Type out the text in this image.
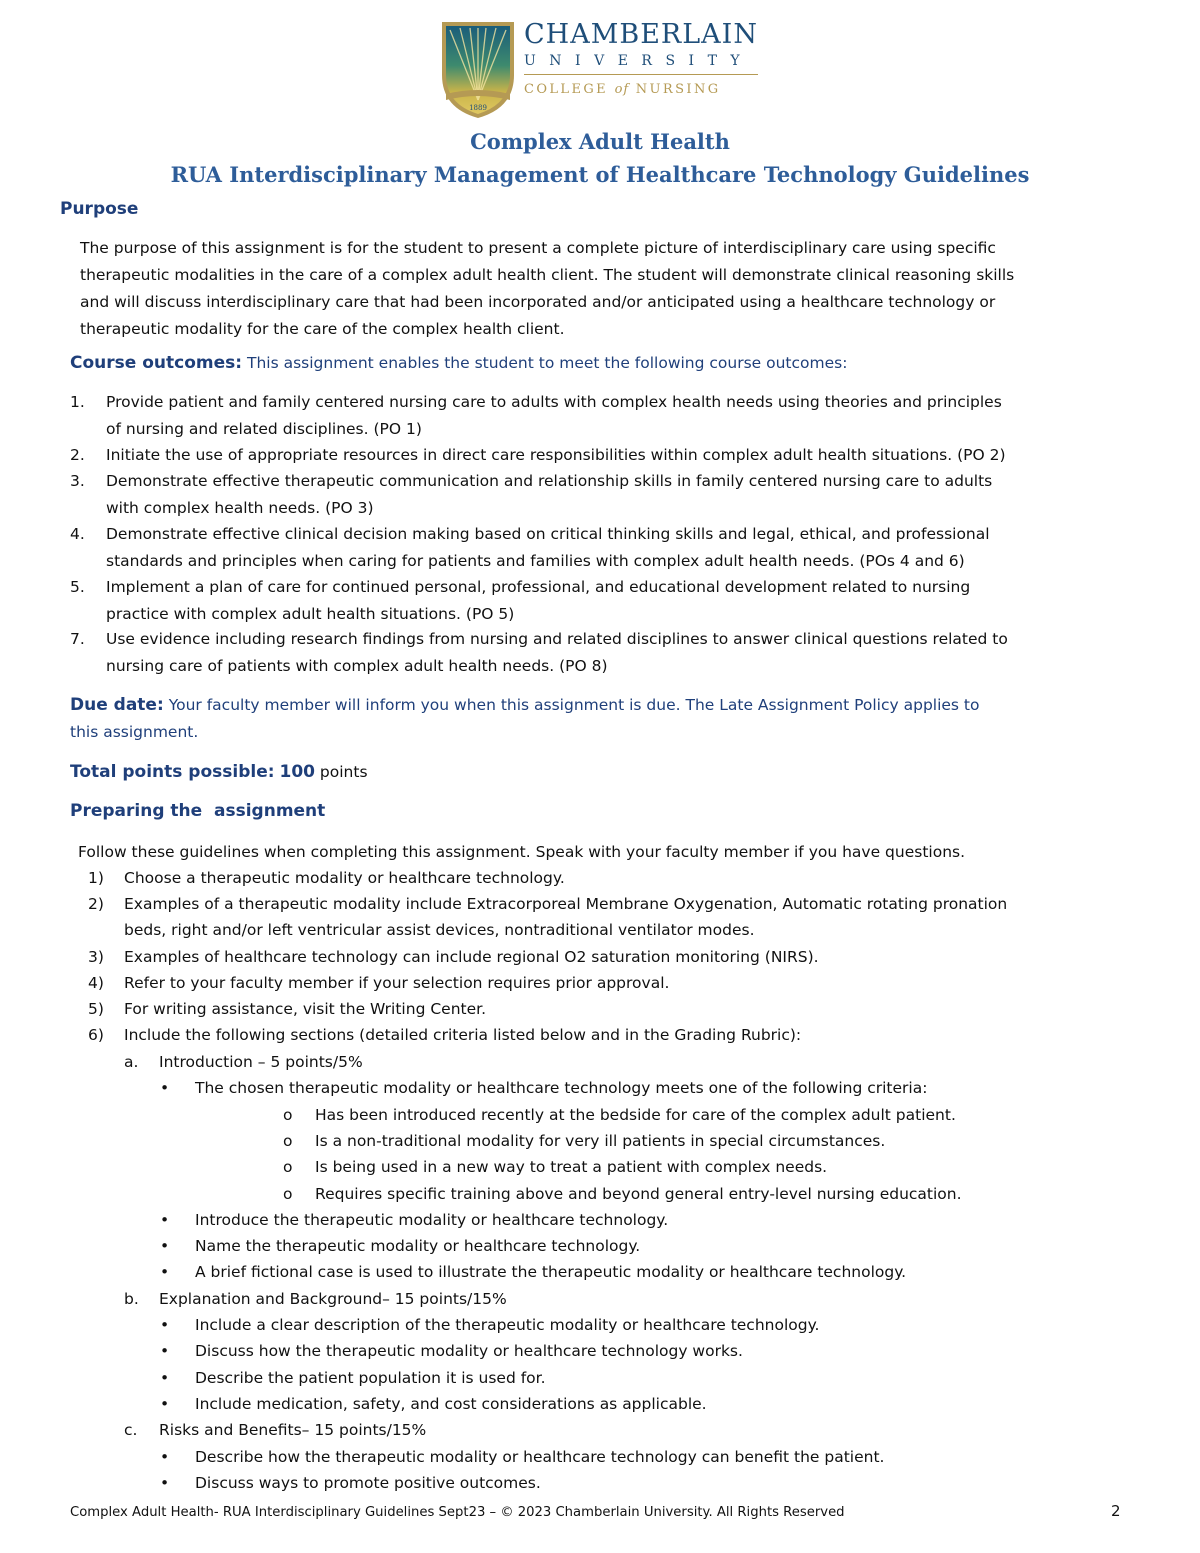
1889
CHAMBERLAIN
UNIVERSITY
COLLEGE of NURSING
Complex Adult Health
RUA Interdisciplinary Management of Healthcare Technology Guidelines
Purpose
The purpose of this assignment is for the student to present a complete picture of interdisciplinary care using specific
therapeutic modalities in the care of a complex adult health client. The student will demonstrate clinical reasoning skills
and will discuss interdisciplinary care that had been incorporated and/or anticipated using a healthcare technology or
therapeutic modality for the care of the complex health client.
Course outcomes: This assignment enables the student to meet the following course outcomes:
1. Provide patient and family centered nursing care to adults with complex health needs using theories and principles
of nursing and related disciplines. (PO 1)
2. Initiate the use of appropriate resources in direct care responsibilities within complex adult health situations. (PO 2)
3. Demonstrate effective therapeutic communication and relationship skills in family centered nursing care to adults
with complex health needs. (PO 3)
4. Demonstrate effective clinical decision making based on critical thinking skills and legal, ethical, and professional
standards and principles when caring for patients and families with complex adult health needs. (POs 4 and 6)
5. Implement a plan of care for continued personal, professional, and educational development related to nursing
practice with complex adult health situations. (PO 5)
7. Use evidence including research findings from nursing and related disciplines to answer clinical questions related to
nursing care of patients with complex adult health needs. (PO 8)
Due date: Your faculty member will inform you when this assignment is due. The Late Assignment Policy applies to
this assignment.
Total points possible: 100 points
Preparing the  assignment
Follow these guidelines when completing this assignment. Speak with your faculty member if you have questions.
1) Choose a therapeutic modality or healthcare technology.
2) Examples of a therapeutic modality include Extracorporeal Membrane Oxygenation, Automatic rotating pronation
beds, right and/or left ventricular assist devices, nontraditional ventilator modes.
3) Examples of healthcare technology can include regional O2 saturation monitoring (NIRS).
4) Refer to your faculty member if your selection requires prior approval.
5) For writing assistance, visit the Writing Center.
6) Include the following sections (detailed criteria listed below and in the Grading Rubric):
a. Introduction – 5 points/5%
• The chosen therapeutic modality or healthcare technology meets one of the following criteria:
o Has been introduced recently at the bedside for care of the complex adult patient.
o Is a non-traditional modality for very ill patients in special circumstances.
o Is being used in a new way to treat a patient with complex needs.
o Requires specific training above and beyond general entry-level nursing education.
• Introduce the therapeutic modality or healthcare technology.
• Name the therapeutic modality or healthcare technology.
• A brief fictional case is used to illustrate the therapeutic modality or healthcare technology.
b. Explanation and Background– 15 points/15%
• Include a clear description of the therapeutic modality or healthcare technology.
• Discuss how the therapeutic modality or healthcare technology works.
• Describe the patient population it is used for.
• Include medication, safety, and cost considerations as applicable.
c. Risks and Benefits– 15 points/15%
• Describe how the therapeutic modality or healthcare technology can benefit the patient.
• Discuss ways to promote positive outcomes.
Complex Adult Health- RUA Interdisciplinary Guidelines Sept23 – © 2023 Chamberlain University. All Rights Reserved	2
